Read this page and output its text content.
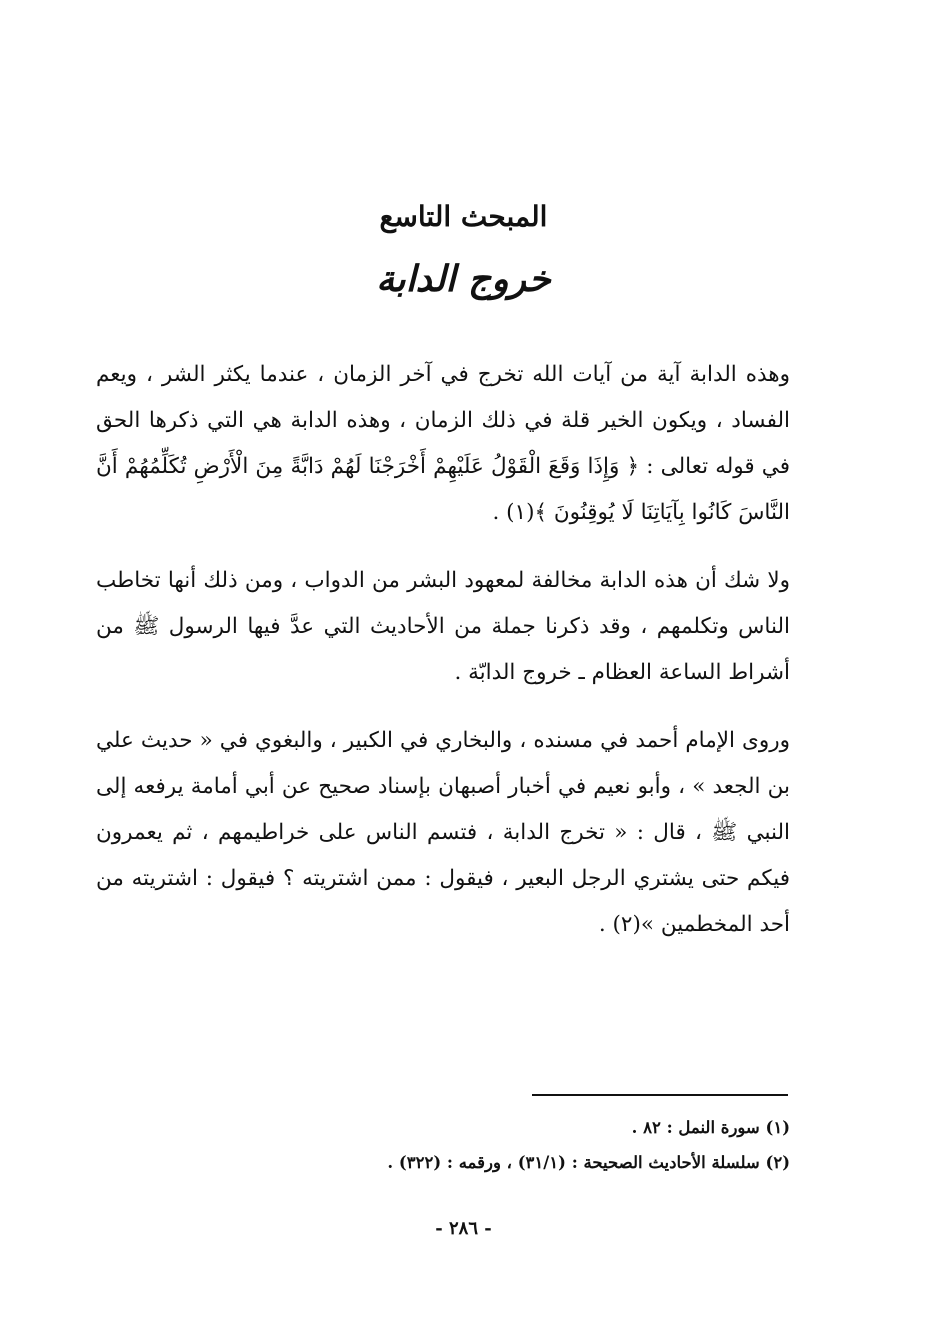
المبحث التاسع
خروج الدابة
وهذه الدابة آية من آيات الله تخرج في آخر الزمان ، عندما يكثر الشر ، ويعم الفساد ، ويكون الخير قلة في ذلك الزمان ، وهذه الدابة هي التي ذكرها الحق في قوله تعالى : ﴿ وَإِذَا وَقَعَ الْقَوْلُ عَلَيْهِمْ أَخْرَجْنَا لَهُمْ دَابَّةً مِنَ الْأَرْضِ تُكَلِّمُهُمْ أَنَّ النَّاسَ كَانُوا بِآيَاتِنَا لَا يُوقِنُونَ ﴾(١) .
ولا شك أن هذه الدابة مخالفة لمعهود البشر من الدواب ، ومن ذلك أنها تخاطب الناس وتكلمهم ، وقد ذكرنا جملة من الأحاديث التي عدَّ فيها الرسول ﷺ من أشراط الساعة العظام ـ خروج الدابّة .
وروى الإمام أحمد في مسنده ، والبخاري في الكبير ، والبغوي في « حديث علي بن الجعد » ، وأبو نعيم في أخبار أصبهان بإسناد صحيح عن أبي أمامة يرفعه إلى النبي ﷺ ، قال : « تخرج الدابة ، فتسم الناس على خراطيمهم ، ثم يعمرون فيكم حتى يشتري الرجل البعير ، فيقول : ممن اشتريته ؟ فيقول : اشتريته من أحد المخطمين »(٢) .
(١) سورة النمل : ٨٢ .
(٢) سلسلة الأحاديث الصحيحة : (٣١/١) ، ورقمه : (٣٢٢) .
- ٢٨٦ -
